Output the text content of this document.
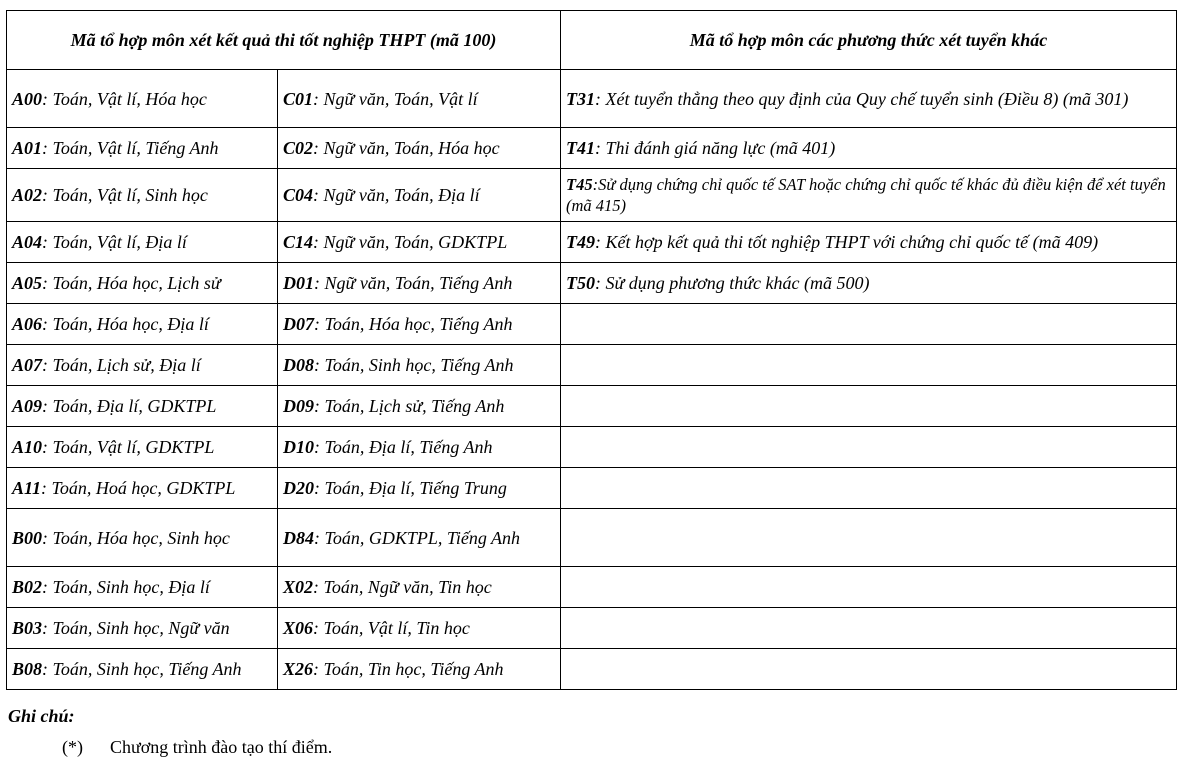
Mã tổ hợp môn xét kết quả thi tốt nghiệp THPT (mã 100)		Mã tổ hợp môn các phương thức xét tuyển khác
A00: Toán, Vật lí, Hóa học	C01: Ngữ văn, Toán, Vật lí	T31: Xét tuyển thẳng theo quy định của Quy chế tuyển sinh (Điều 8) (mã 301)
A01: Toán, Vật lí, Tiếng Anh	C02: Ngữ văn, Toán, Hóa học	T41: Thi đánh giá năng lực (mã 401)
A02: Toán, Vật lí, Sinh học	C04: Ngữ văn, Toán, Địa lí	T45:Sử dụng chứng chỉ quốc tế SAT hoặc chứng chỉ quốc tế khác đủ điều kiện để xét tuyển (mã 415)
A04: Toán, Vật lí, Địa lí	C14: Ngữ văn, Toán, GDKTPL	T49: Kết hợp kết quả thi tốt nghiệp THPT với chứng chỉ quốc tế (mã 409)
A05: Toán, Hóa học, Lịch sử	D01: Ngữ văn, Toán, Tiếng Anh	T50: Sử dụng phương thức khác (mã 500)
A06: Toán, Hóa học, Địa lí	D07: Toán, Hóa học, Tiếng Anh	
A07: Toán, Lịch sử, Địa lí	D08: Toán, Sinh học, Tiếng Anh	
A09: Toán, Địa lí, GDKTPL	D09: Toán, Lịch sử, Tiếng Anh	
A10: Toán, Vật lí, GDKTPL	D10: Toán, Địa lí, Tiếng Anh	
A11: Toán, Hoá học, GDKTPL	D20: Toán, Địa lí, Tiếng Trung	
B00: Toán, Hóa học, Sinh học	D84: Toán, GDKTPL, Tiếng Anh	
B02: Toán, Sinh học, Địa lí	X02: Toán, Ngữ văn, Tin học	
B03: Toán, Sinh học, Ngữ văn	X06: Toán, Vật lí, Tin học	
B08: Toán, Sinh học, Tiếng Anh	X26: Toán, Tin học, Tiếng Anh	
Ghi chú:
(*) Chương trình đào tạo thí điểm.
